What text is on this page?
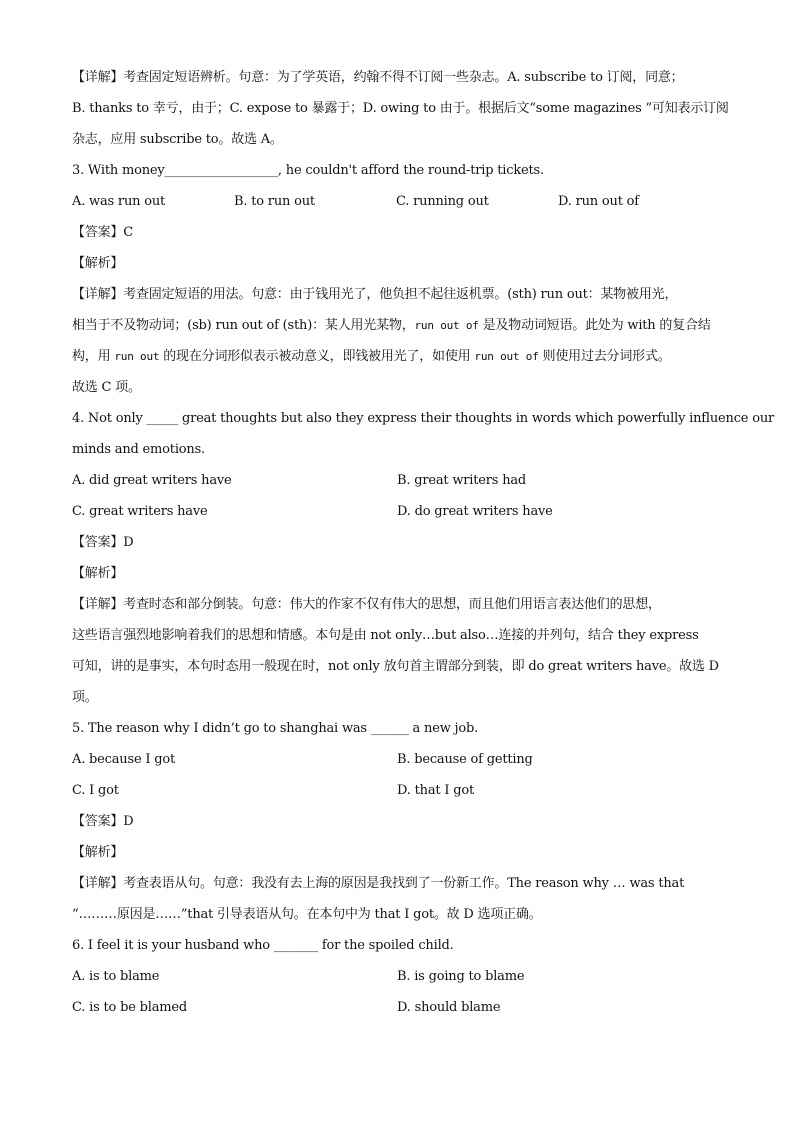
【详解】考查固定短语辨析。句意：为了学英语，约翰不得不订阅一些杂志。A. subscribe to 订阅，同意；
B. thanks to 幸亏，由于；C. expose to 暴露于；D. owing to 由于。根据后文“some magazines ”可知表示订阅
杂志，应用 subscribe to。故选 A。
3. With money__________________, he couldn't afford the round-trip tickets.
A. was run out	B. to run out	C. running out	D. run out of
【答案】C
【解析】
【详解】考查固定短语的用法。句意：由于钱用光了，他负担不起往返机票。(sth) run out：某物被用光，
相当于不及物动词；(sb) run out of (sth)：某人用光某物，run out of 是及物动词短语。此处为 with 的复合结
构，用 run out 的现在分词形似表示被动意义，即钱被用光了，如使用 run out of 则使用过去分词形式。
故选 C 项。
4. Not only _____ great thoughts but also they express their thoughts in words which powerfully influence our
minds and emotions.
A. did great writers have	B. great writers had
C. great writers have	D. do great writers have
【答案】D
【解析】
【详解】考查时态和部分倒装。句意：伟大的作家不仅有伟大的思想，而且他们用语言表达他们的思想，
这些语言强烈地影响着我们的思想和情感。本句是由 not only…but also…连接的并列句，结合 they express
可知，讲的是事实，本句时态用一般现在时，not only 放句首主谓部分到装，即 do great writers have。故选 D
项。
5. The reason why I didn’t go to shanghai was ______ a new job.
A. because I got	B. because of getting
C. I got	D. that I got
【答案】D
【解析】
【详解】考查表语从句。句意：我没有去上海的原因是我找到了一份新工作。The reason why … was that
“………原因是……”that 引导表语从句。在本句中为 that I got。故 D 选项正确。
6. I feel it is your husband who _______ for the spoiled child.
A. is to blame	B. is going to blame
C. is to be blamed	D. should blame
